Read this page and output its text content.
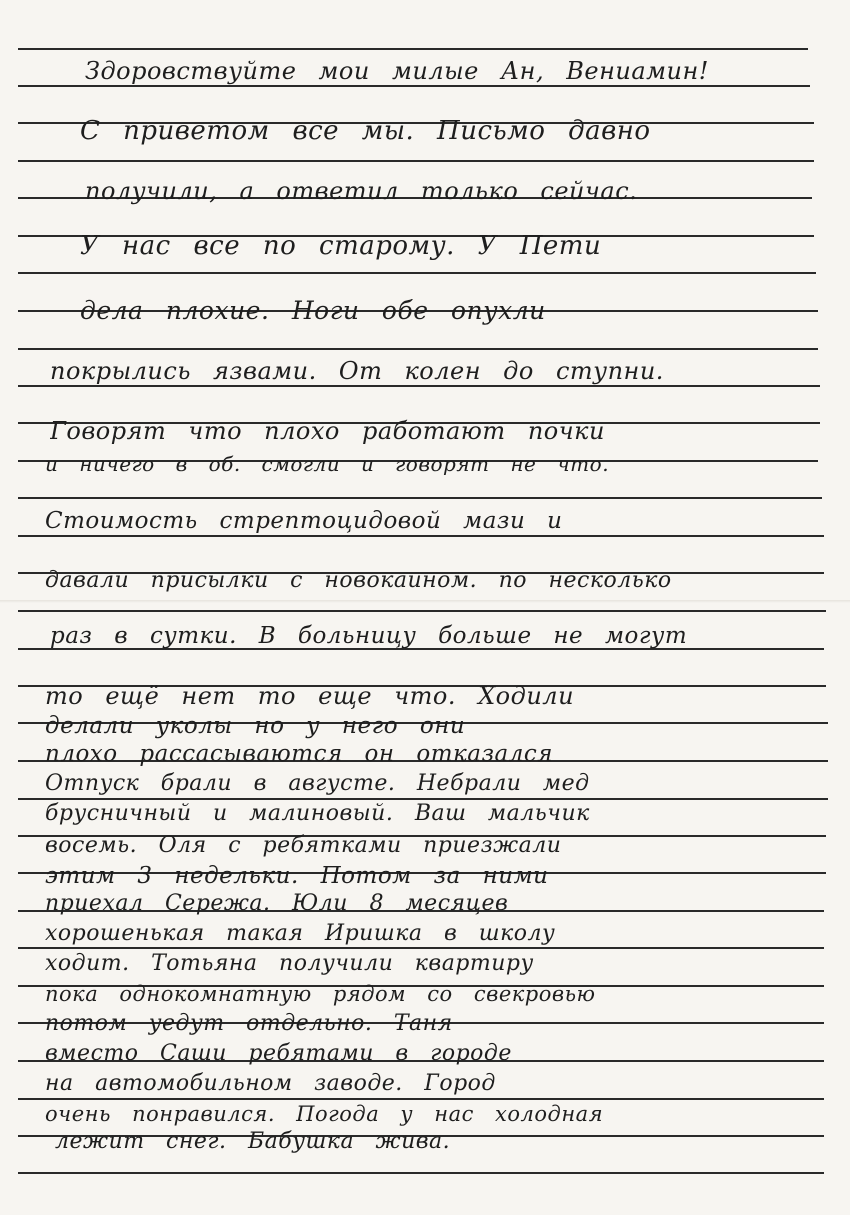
Здоровствуйте мои милые Ан, Вениамин!
С приветом все мы. Письмо давно
получили, а ответил только сейчас.
У нас все по старому. У Пети
дела плохие. Ноги обе опухли
покрылись язвами. От колен до ступни.
Говорят что плохо работают почки
и ничего в об. смогли и говорят не что.
Стоимость стрептоцидовой мази и
давали присылки с новокаином. по несколько
раз в сутки. В больницу больше не могут
то ещё нет то еще что. Ходили
делали уколы но у него они
плохо рассасываются он отказался
Отпуск брали в августе. Небрали мед
брусничный и малиновый. Ваш мальчик
восемь. Оля с ребятками приезжали
этим 3 недельки. Потом за ними
приехал Сережа. Юли 8 месяцев
хорошенькая такая Иришка в школу
ходит. Тотьяна получили квартиру
пока однокомнатную рядом со свекровью
потом уедут отдельно. Таня
вместо Саши ребятами в городе
на автомобильном заводе. Город
очень понравился. Погода у нас холодная
лежит снег. Бабушка жива.
